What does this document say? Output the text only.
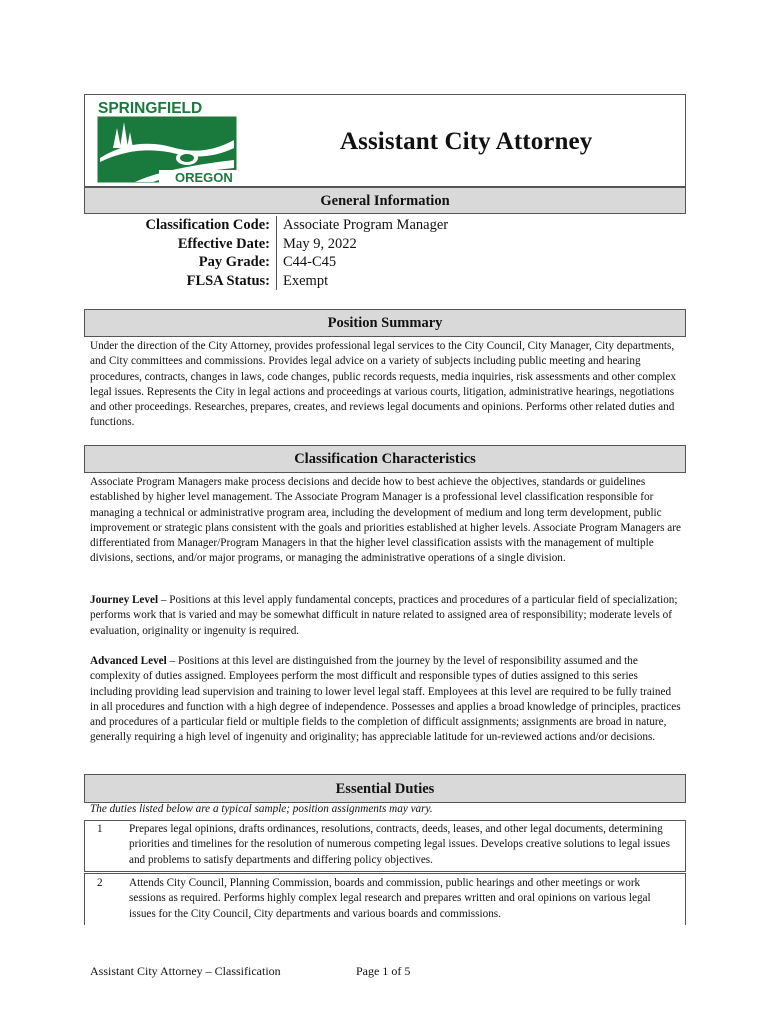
SPRINGFIELD
OREGON
Assistant City Attorney
General Information
Classification Code: Associate Program Manager
Effective Date: May 9, 2022
Pay Grade: C44-C45
FLSA Status: Exempt
Position Summary
Under the direction of the City Attorney, provides professional legal services to the City Council, City Manager, City departments, and City committees and commissions. Provides legal advice on a variety of subjects including public meeting and hearing procedures, contracts, changes in laws, code changes, public records requests, media inquiries, risk assessments and other complex legal issues. Represents the City in legal actions and proceedings at various courts, litigation, administrative hearings, negotiations and other proceedings. Researches, prepares, creates, and reviews legal documents and opinions. Performs other related duties and functions.
Classification Characteristics
Associate Program Managers make process decisions and decide how to best achieve the objectives, standards or guidelines established by higher level management. The Associate Program Manager is a professional level classification responsible for managing a technical or administrative program area, including the development of medium and long term development, public improvement or strategic plans consistent with the goals and priorities established at higher levels. Associate Program Managers are differentiated from Manager/Program Managers in that the higher level classification assists with the management of multiple divisions, sections, and/or major programs, or managing the administrative operations of a single division.
Journey Level – Positions at this level apply fundamental concepts, practices and procedures of a particular field of specialization; performs work that is varied and may be somewhat difficult in nature related to assigned area of responsibility; moderate levels of evaluation, originality or ingenuity is required.
Advanced Level – Positions at this level are distinguished from the journey by the level of responsibility assumed and the complexity of duties assigned. Employees perform the most difficult and responsible types of duties assigned to this series including providing lead supervision and training to lower level legal staff. Employees at this level are required to be fully trained in all procedures and function with a high degree of independence. Possesses and applies a broad knowledge of principles, practices and procedures of a particular field or multiple fields to the completion of difficult assignments; assignments are broad in nature, generally requiring a high level of ingenuity and originality; has appreciable latitude for un-reviewed actions and/or decisions.
Essential Duties
The duties listed below are a typical sample; position assignments may vary.
1 Prepares legal opinions, drafts ordinances, resolutions, contracts, deeds, leases, and other legal documents, determining priorities and timelines for the resolution of numerous competing legal issues. Develops creative solutions to legal issues and problems to satisfy departments and differing policy objectives.
2 Attends City Council, Planning Commission, boards and commission, public hearings and other meetings or work sessions as required. Performs highly complex legal research and prepares written and oral opinions on various legal issues for the City Council, City departments and various boards and commissions.
Assistant City Attorney – Classification	Page 1 of 5
